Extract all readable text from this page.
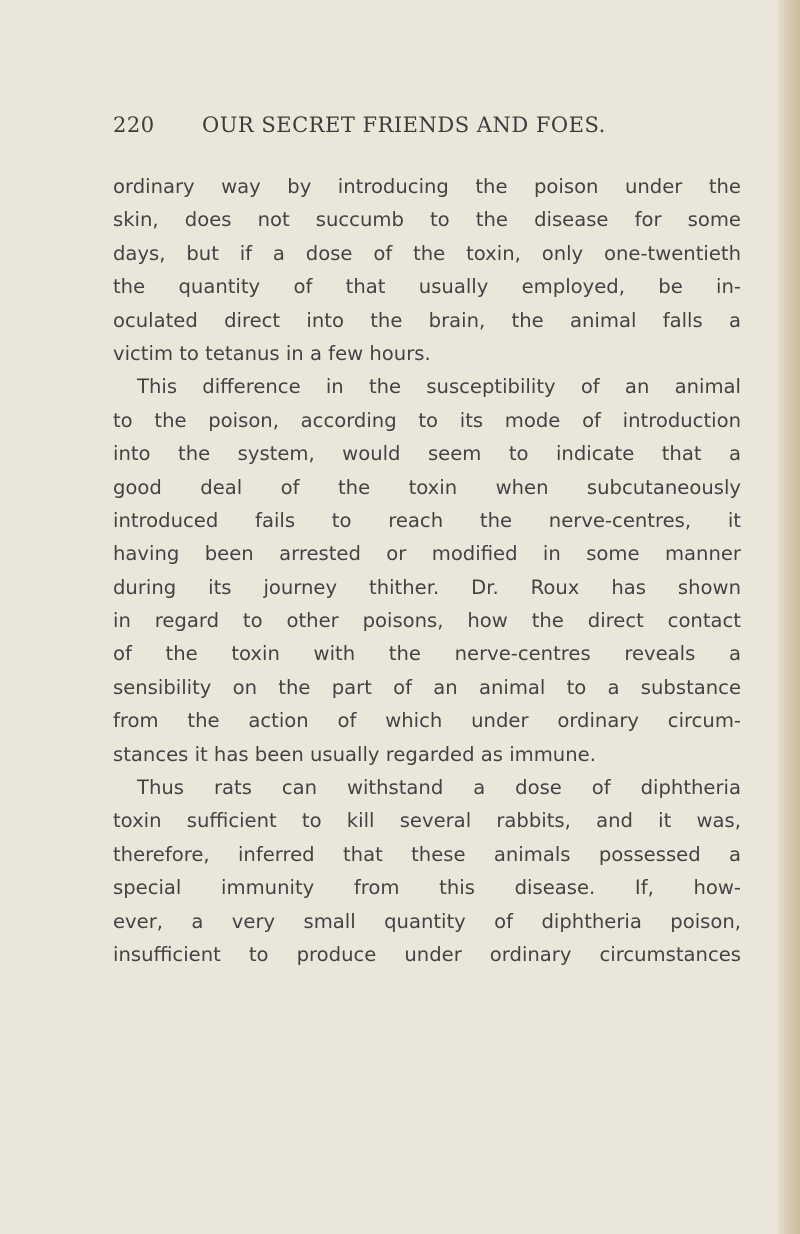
220 OUR SECRET FRIENDS AND FOES.
ordinary way by introducing the poison under the
skin, does not succumb to the disease for some
days, but if a dose of the toxin, only one-twentieth
the quantity of that usually employed, be in-
oculated direct into the brain, the animal falls a
victim to tetanus in a few hours.
This difference in the susceptibility of an animal
to the poison, according to its mode of introduction
into the system, would seem to indicate that a
good deal of the toxin when subcutaneously
introduced fails to reach the nerve-centres, it
having been arrested or modified in some manner
during its journey thither. Dr. Roux has shown
in regard to other poisons, how the direct contact
of the toxin with the nerve-centres reveals a
sensibility on the part of an animal to a substance
from the action of which under ordinary circum-
stances it has been usually regarded as immune.
Thus rats can withstand a dose of diphtheria
toxin sufficient to kill several rabbits, and it was,
therefore, inferred that these animals possessed a
special immunity from this disease. If, how-
ever, a very small quantity of diphtheria poison,
insufficient to produce under ordinary circumstances
